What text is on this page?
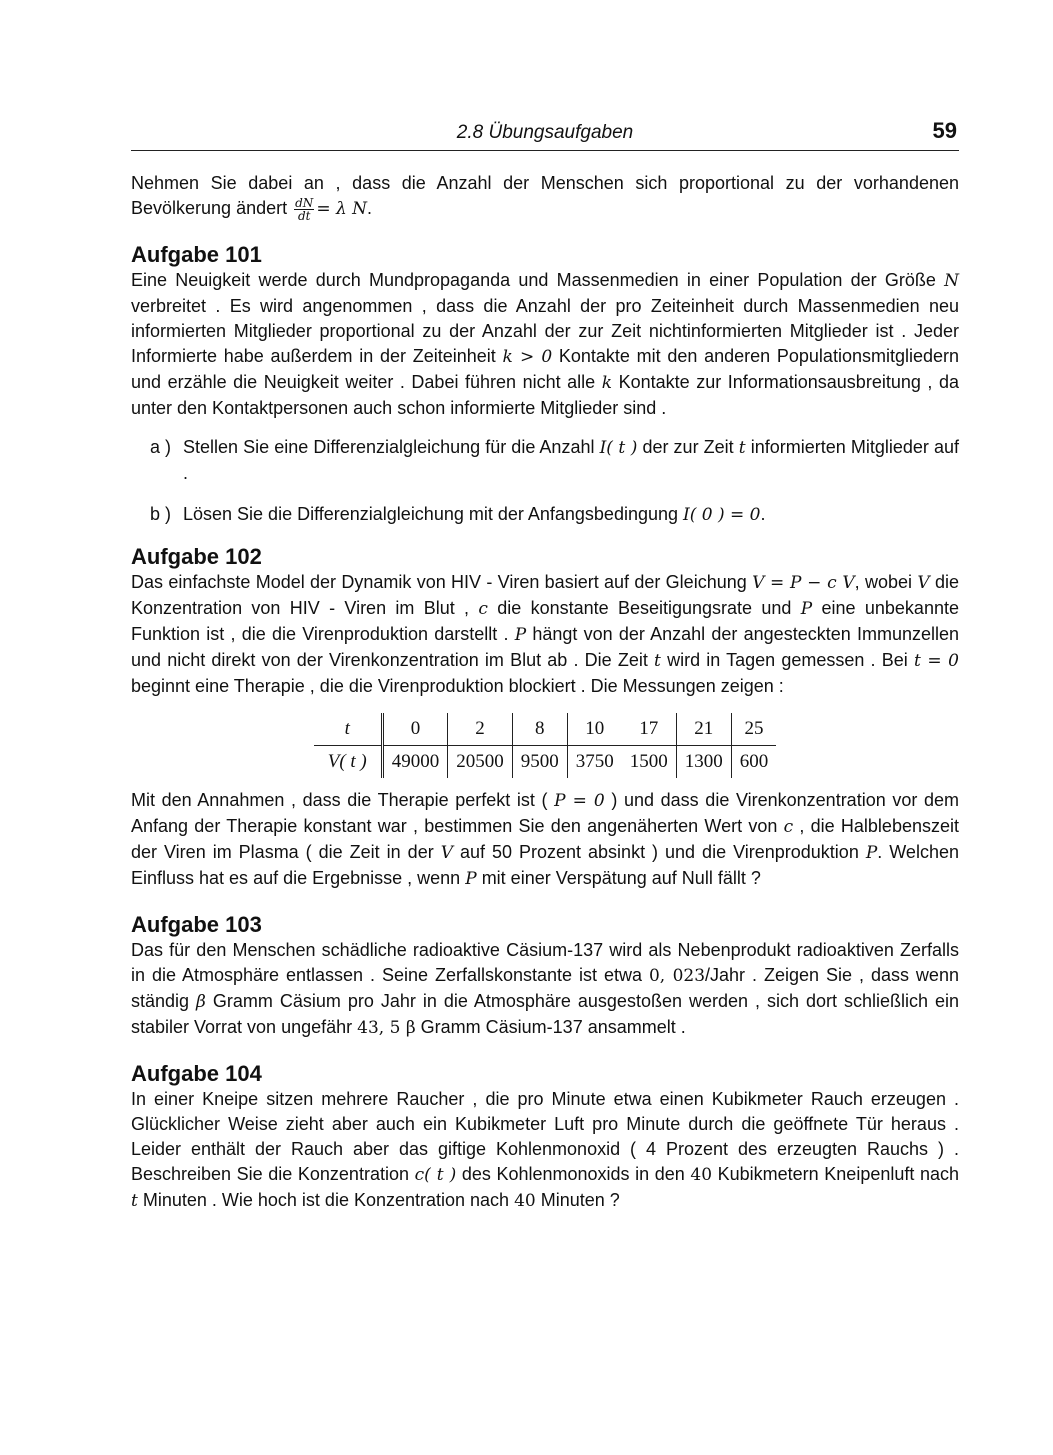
2.8 Übungsaufgaben	59

Nehmen Sie dabei an , dass die Anzahl der Menschen sich proportional zu der vorhandenen Bevölkerung ändert $\frac{dN}{dt} = \lambda$ N.

Aufgabe 101

Eine Neuigkeit werde durch Mundpropaganda und Massenmedien in einer Population der Größe N verbreitet . Es wird angenommen , dass die Anzahl der pro Zeiteinheit durch Massenmedien neu informierten Mitglieder proportional zu der Anzahl der zur Zeit nichtinformierten Mitglieder ist . Jeder Informierte habe außerdem in der Zeiteinheit k > 0 Kontakte mit den anderen Populationsmitgliedern und erzähle die Neuigkeit weiter . Dabei führen nicht alle k Kontakte zur Informationsausbreitung , da unter den Kontaktpersonen auch schon informierte Mitglieder sind .

a ) Stellen Sie eine Differenzialgleichung für die Anzahl I( t ) der zur Zeit t informierten Mitglieder auf .
b ) Lösen Sie die Differenzialgleichung mit der Anfangsbedingung I( 0 ) = 0.
Aufgabe 102

Das einfachste Model der Dynamik von HIV - Viren basiert auf der Gleichung V = P − c V, wobei V die Konzentration von HIV - Viren im Blut , c die konstante Beseitigungsrate und P eine unbekannte Funktion ist , die die Virenproduktion darstellt . P hängt von der Anzahl der angesteckten Immunzellen und nicht direkt von der Virenkonzentration im Blut ab . Die Zeit t wird in Tagen gemessen . Bei t = 0 beginnt eine Therapie , die die Virenproduktion blockiert . Die Messungen zeigen :

t	0	2	8	10	17	21	25
V( t )	49000	20500	9500	3750	1500	1300	600

Mit den Annahmen , dass die Therapie perfekt ist ( P = 0 ) und dass die Virenkonzentration vor dem Anfang der Therapie konstant war , bestimmen Sie den angenäherten Wert von c , die Halblebenszeit der Viren im Plasma ( die Zeit in der V auf 50 Prozent absinkt ) und die Virenproduktion P. Welchen Einfluss hat es auf die Ergebnisse , wenn P mit einer Verspätung auf Null fällt ?

Aufgabe 103

Das für den Menschen schädliche radioaktive Cäsium-137 wird als Nebenprodukt radioaktiven Zerfalls in die Atmosphäre entlassen . Seine Zerfallskonstante ist etwa 0, 023/Jahr . Zeigen Sie , dass wenn ständig β Gramm Cäsium pro Jahr in die Atmosphäre ausgestoßen werden , sich dort schließlich ein stabiler Vorrat von ungefähr 43, 5 β Gramm Cäsium-137 ansammelt .

Aufgabe 104

In einer Kneipe sitzen mehrere Raucher , die pro Minute etwa einen Kubikmeter Rauch erzeugen . Glücklicher Weise zieht aber auch ein Kubikmeter Luft pro Minute durch die geöffnete Tür heraus . Leider enthält der Rauch aber das giftige Kohlenmonoxid ( 4 Prozent des erzeugten Rauchs ) . Beschreiben Sie die Konzentration c( t ) des Kohlenmonoxids in den 40 Kubikmetern Kneipenluft nach t Minuten . Wie hoch ist die Konzentration nach 40 Minuten ?
